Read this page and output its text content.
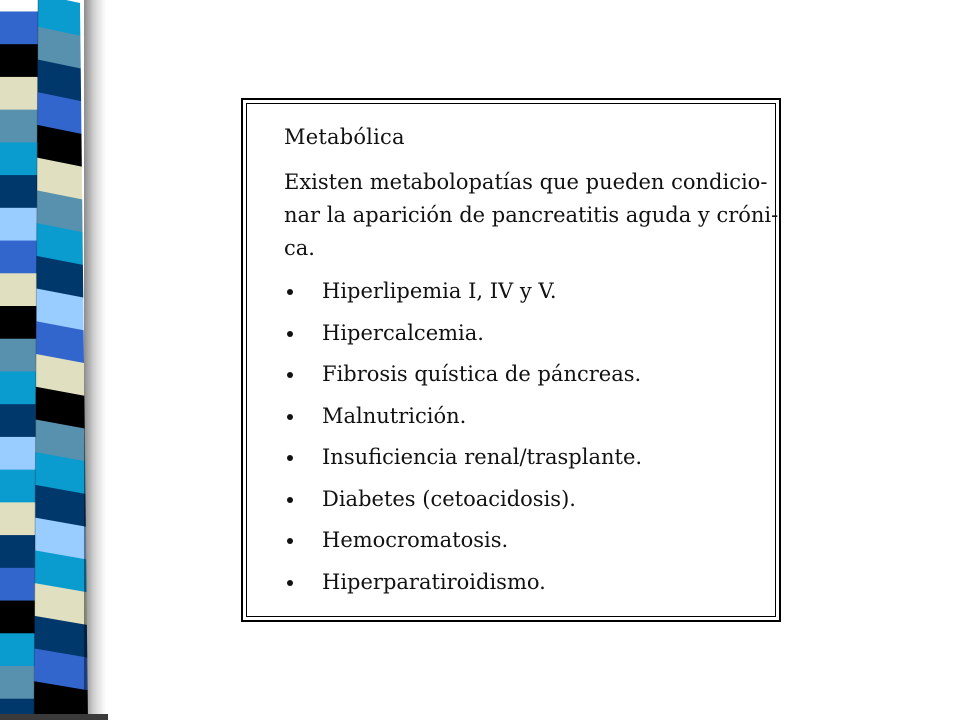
Metabólica
Existen metabolopatías que pueden condicio-
nar la aparición de pancreatitis aguda y cróni-
ca.
Hiperlipemia I, IV y V.
Hipercalcemia.
Fibrosis quística de páncreas.
Malnutrición.
Insuficiencia renal/trasplante.
Diabetes (cetoacidosis).
Hemocromatosis.
Hiperparatiroidismo.
